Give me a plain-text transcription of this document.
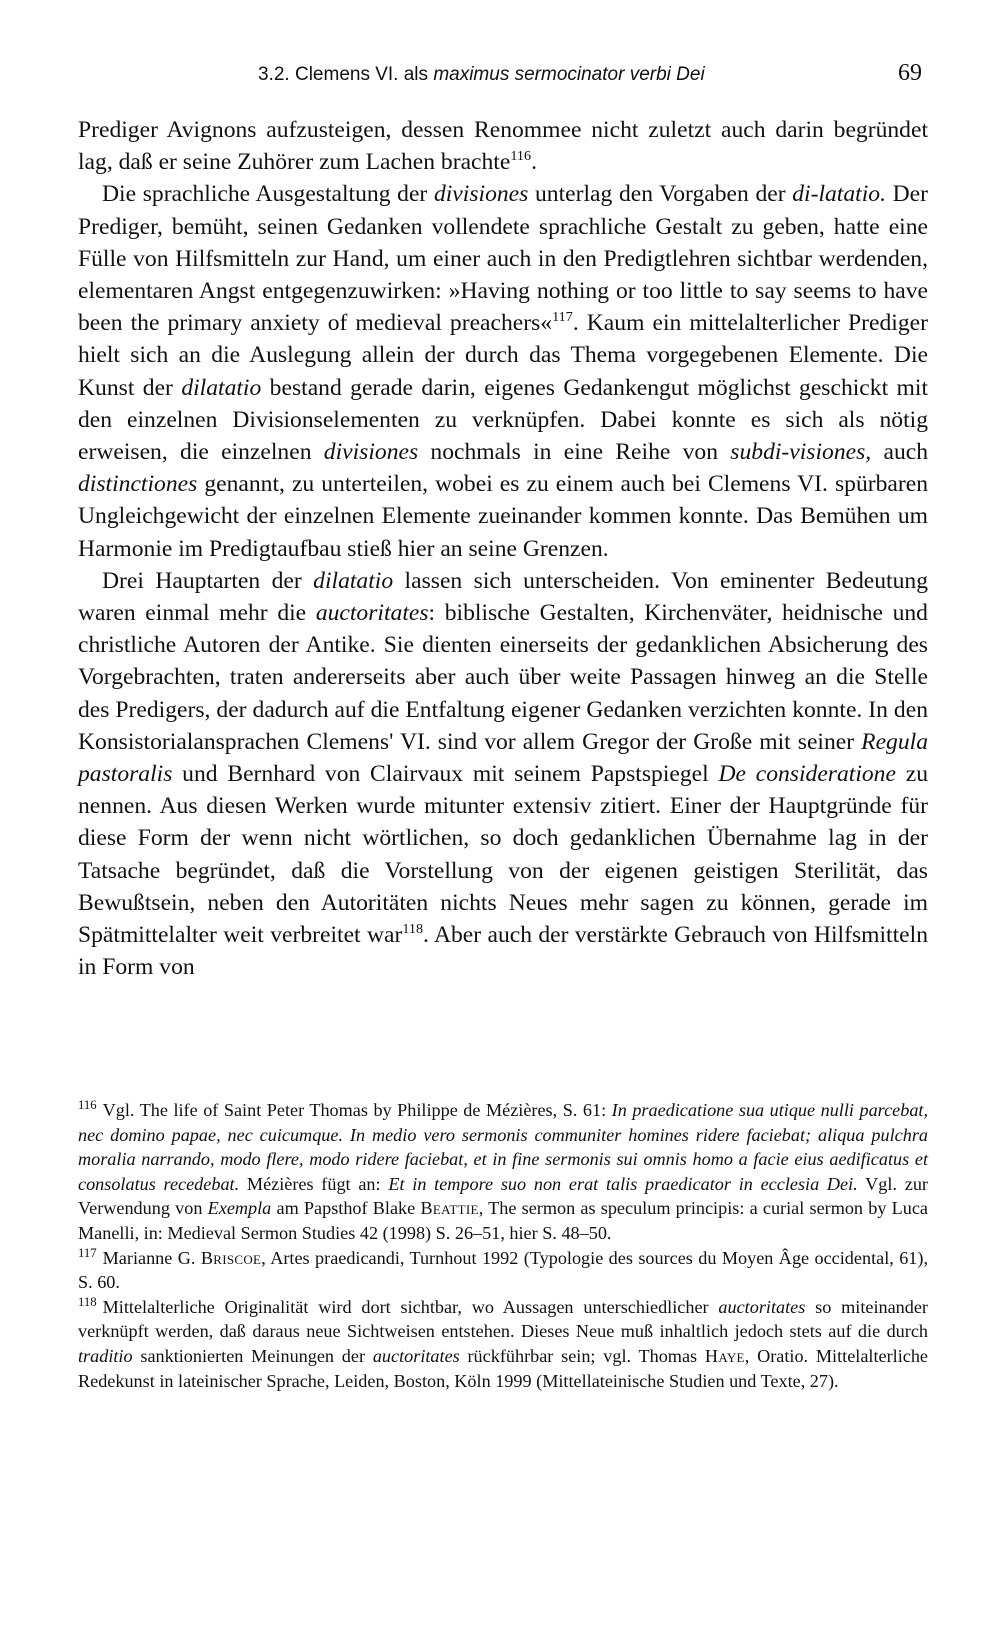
3.2. Clemens VI. als maximus sermocinator verbi Dei	69

Prediger Avignons aufzusteigen, dessen Renommee nicht zuletzt auch darin begründet lag, daß er seine Zuhörer zum Lachen brachte$^{116}$.

Die sprachliche Ausgestaltung der divisiones unterlag den Vorgaben der di-latatio. Der Prediger, bemüht, seinen Gedanken vollendete sprachliche Gestalt zu geben, hatte eine Fülle von Hilfsmitteln zur Hand, um einer auch in den Predigtlehren sichtbar werdenden, elementaren Angst entgegenzuwirken: »Having nothing or too little to say seems to have been the primary anxiety of medieval preachers«$^{117}$. Kaum ein mittelalterlicher Prediger hielt sich an die Auslegung allein der durch das Thema vorgegebenen Elemente. Die Kunst der dilatatio bestand gerade darin, eigenes Gedankengut möglichst geschickt mit den einzelnen Divisionselementen zu verknüpfen. Dabei konnte es sich als nötig erweisen, die einzelnen divisiones nochmals in eine Reihe von subdi-visiones, auch distinctiones genannt, zu unterteilen, wobei es zu einem auch bei Clemens VI. spürbaren Ungleichgewicht der einzelnen Elemente zueinander kommen konnte. Das Bemühen um Harmonie im Predigtaufbau stieß hier an seine Grenzen.

Drei Hauptarten der dilatatio lassen sich unterscheiden. Von eminenter Bedeutung waren einmal mehr die auctoritates: biblische Gestalten, Kirchenväter, heidnische und christliche Autoren der Antike. Sie dienten einerseits der gedanklichen Absicherung des Vorgebrachten, traten andererseits aber auch über weite Passagen hinweg an die Stelle des Predigers, der dadurch auf die Entfaltung eigener Gedanken verzichten konnte. In den Konsistorialansprachen Clemens' VI. sind vor allem Gregor der Große mit seiner Regula pastoralis und Bernhard von Clairvaux mit seinem Papstspiegel De consideratione zu nennen. Aus diesen Werken wurde mitunter extensiv zitiert. Einer der Hauptgründe für diese Form der wenn nicht wörtlichen, so doch gedanklichen Übernahme lag in der Tatsache begründet, daß die Vorstellung von der eigenen geistigen Sterilität, das Bewußtsein, neben den Autoritäten nichts Neues mehr sagen zu können, gerade im Spätmittelalter weit verbreitet war$^{118}$. Aber auch der verstärkte Gebrauch von Hilfsmitteln in Form von

$^{116}$ Vgl. The life of Saint Peter Thomas by Philippe de Mézières, S. 61: In praedicatione sua utique nulli parcebat, nec domino papae, nec cuicumque. In medio vero sermonis communiter homines ridere faciebat; aliqua pulchra moralia narrando, modo flere, modo ridere faciebat, et in fine sermonis sui omnis homo a facie eius aedificatus et consolatus recedebat. Mézières fügt an: Et in tempore suo non erat talis praedicator in ecclesia Dei. Vgl. zur Verwendung von Exempla am Papsthof Blake Beattie, The sermon as speculum principis: a curial sermon by Luca Manelli, in: Medieval Sermon Studies 42 (1998) S. 26–51, hier S. 48–50.

$^{117}$ Marianne G. Briscoe, Artes praedicandi, Turnhout 1992 (Typologie des sources du Moyen Âge occidental, 61), S. 60.

$^{118}$ Mittelalterliche Originalität wird dort sichtbar, wo Aussagen unterschiedlicher auctoritates so miteinander verknüpft werden, daß daraus neue Sichtweisen entstehen. Dieses Neue muß inhaltlich jedoch stets auf die durch traditio sanktionierten Meinungen der auctoritates rückführbar sein; vgl. Thomas Haye, Oratio. Mittelalterliche Redekunst in lateinischer Sprache, Leiden, Boston, Köln 1999 (Mittellateinische Studien und Texte, 27).
